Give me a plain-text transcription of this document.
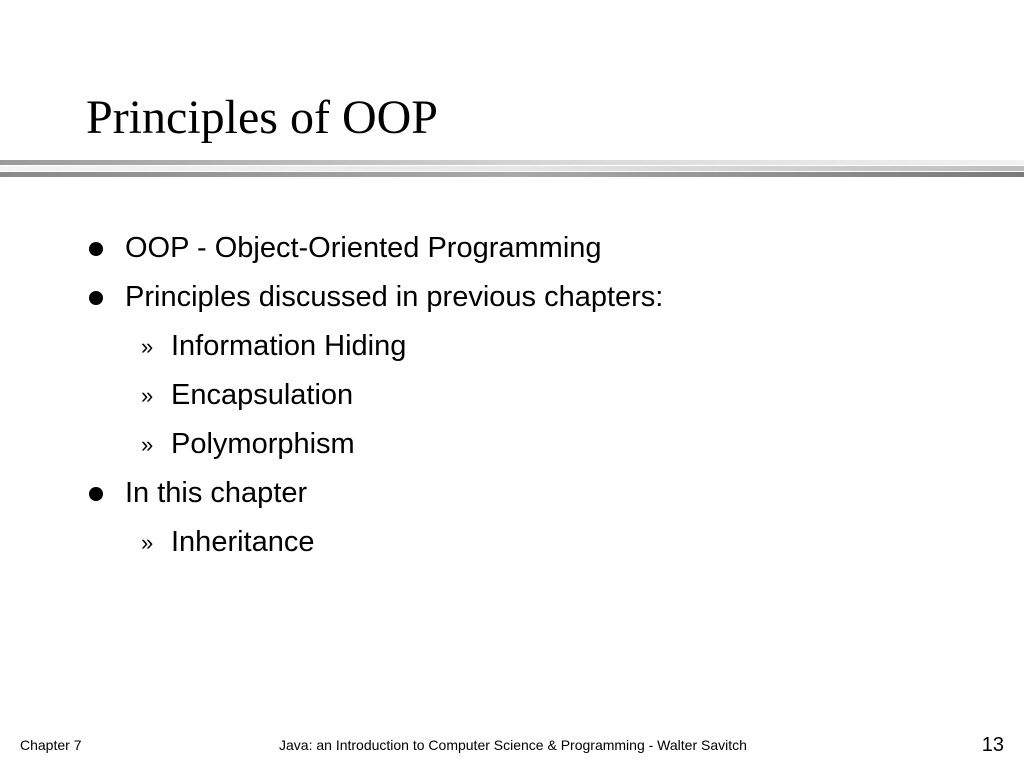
Principles of OOP
OOP - Object-Oriented Programming
Principles discussed in previous chapters:
» Information Hiding
» Encapsulation
» Polymorphism
In this chapter
» Inheritance
Chapter 7	Java: an Introduction to Computer Science & Programming - Walter Savitch	13
